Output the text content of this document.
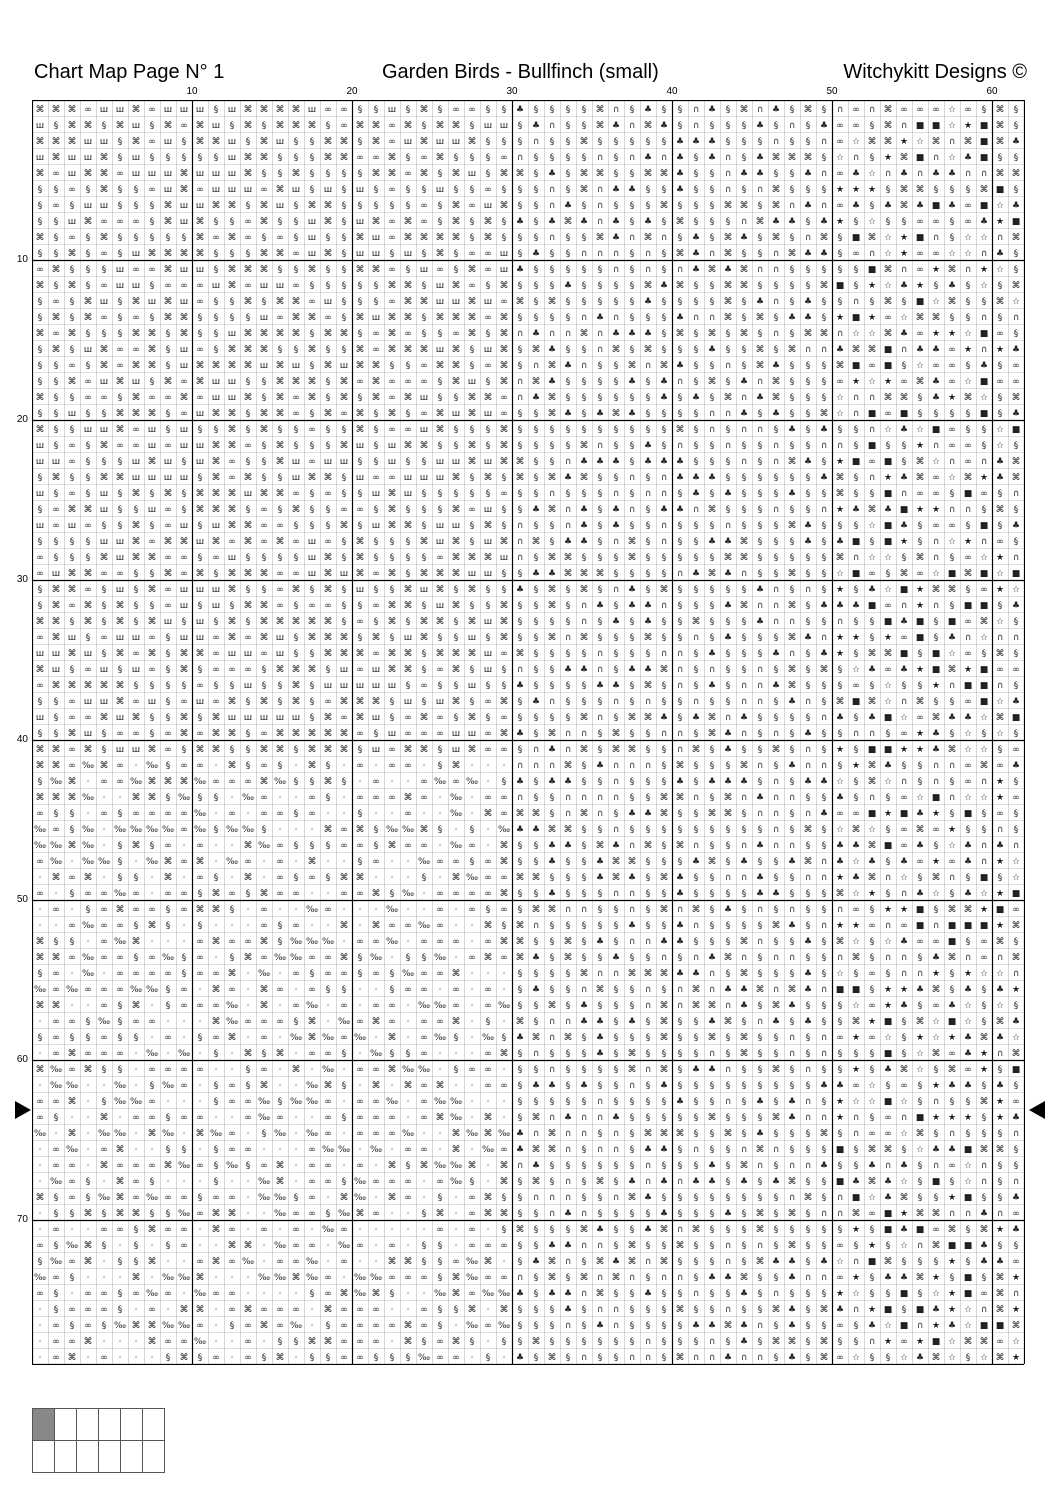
Chart Map Page N° 1	Garden Birds - Bullfinch (small)	Witchykitt Designs ©
10	20	30	40	50	60
10
20
30
40
50
60
70
⌘ ⌘ ⌘ ∞ ш ш ⌘ ∞ ш ш ш § ш ⌘ ⌘ ⌘ ⌘ ш ∞ ∞ § § ш § ⌘ § ∞ ∞ § § ♣ § § § § ⌘ ∩ § ♣ § § ∩ ♣ § ⌘ ∩ ♣ § ⌘ § ∩ ∞ ∩ ⌘ ∞ ∞ ∞ ☆ ∞ § ⌘ §
ш § ⌘ ⌘ § ⌘ ш § ⌘ ∞ ⌘ ш § ⌘ § ⌘ ⌘ ⌘ § ∞ ⌘ ⌘ ∞ ⌘ § ⌘ ⌘ § ш ш § ♣ ∩ § § ⌘ ♣ ∩ ⌘ ♣ § ∩ § § § ♣ § ∩ § ♣ ∞ ∞ § ⌘ ∩ ■ ■ ☆ ★ ■ ⌘ §
⌘ ⌘ ⌘ ш ш § ⌘ ∞ ш § ⌘ ⌘ ш § ⌘ ш § § ⌘ ⌘ § ⌘ ∞ ш ⌘ ш ш ⌘ § § § ∩ § § ⌘ § § § § § ♣ ♣ ♣ § § § ∩ § § ∩ ∞ ☆ ⌘ ⌘ ★ ☆ ⌘ ∩ ⌘ ■ ⌘ ♣
ш ⌘ ш ш ⌘ § ш § § § § § ш ⌘ ⌘ § § § ⌘ ⌘ ∞ ∞ ⌘ § ∞ ⌘ § § § ∞ ∩ § § § § ∩ § ∩ ♣ ∩ ♣ § ♣ ∩ § ♣ ⌘ ⌘ ⌘ § ☆ ∩ § ★ ⌘ ■ ∩ ☆ ♣ ■ § §
⌘ ∞ ш ⌘ ⌘ ∞ ш ш ш ⌘ ш ш ш ⌘ § § ⌘ § § § § ⌘ ⌘ ∞ ⌘ § ⌘ ш § ⌘ ⌘ § ♣ § ⌘ ⌘ § § ⌘ ⌘ ♣ § § ∩ ♣ ♣ § § ♣ ∩ ∞ ♣ ☆ ∩ ♣ ∩ ♣ ♣ ∩ ∩ ⌘ ⌘
§ § ∞ § ⌘ § § ∞ ш ⌘ ∞ ш ш ш ∞ ⌘ ш § ш § ш § ∞ § § ш § § ∞ § § § ∩ § ⌘ ∩ ♣ ♣ § § ♣ § § ∩ § ∩ ⌘ § § § ★ ★ ★ § ⌘ ⌘ § § § ⌘ ■ §
§ ∞ § ш ш § § § ⌘ ш ш ⌘ ⌘ § ⌘ ш § ⌘ ⌘ § § § § § ∞ § ⌘ ∞ ш ⌘ § § ∩ ♣ § ∩ § § § ⌘ § § § ⌘ ⌘ § ⌘ ∩ ♣ ∩ ∞ ♣ § ♣ ⌘ ♣ ■ ♣ ∞ ■ ☆ ♣
§ § ш ⌘ ∞ ∞ ∞ § ⌘ ш ⌘ § § ∞ ⌘ § § ш ⌘ § ш ⌘ ∞ ⌘ ∞ § ⌘ § ⌘ § ♣ § ♣ ⌘ ♣ ∩ ♣ § ♣ § ⌘ § § § ∩ ⌘ ♣ ♣ § ♣ ★ § ☆ § § ∞ ∞ § ∞ ♣ ★ ■
⌘ § ∞ § ⌘ § § § § § ⌘ ∞ ⌘ ∞ § ∞ § ш § § ⌘ ш ∞ ⌘ ⌘ ⌘ ⌘ § ⌘ § § § ∩ § § ⌘ ♣ ∩ ⌘ ∩ § ♣ § ⌘ ♣ § ⌘ § ∩ ⌘ § ■ ⌘ ☆ ★ ■ ∩ § ☆ ☆ ∩ ⌘
§ § ⌘ § ∞ § ш ⌘ ⌘ ⌘ ⌘ § § § ⌘ ⌘ ∞ ш ⌘ § ш ш § ш § ⌘ § ∞ ∞ ш § ♣ § § ∩ ∩ ∩ § ∩ § ⌘ ♣ ∩ ⌘ § § ∩ ⌘ ♣ ♣ § ∞ ∩ ☆ ★ ∞ ∞ ☆ ☆ ∩ ♣ §
∞ ⌘ § § § ш ∞ ∞ ⌘ ш ш § ⌘ ⌘ ⌘ § § ⌘ § § ⌘ ⌘ ∞ § ш ∞ § ⌘ ∞ ш ♣ § § § § § ∩ § ∩ § ∩ ♣ ⌘ ♣ ⌘ ∩ ∩ § § § § § ■ ⌘ ∩ ∞ ★ ⌘ ∩ ★ ☆ §
⌘ § ⌘ § ∞ ш ш § ∞ ∞ ∞ ш ⌘ ∞ ш ш ∞ § § § § § ⌘ ⌘ § ш ⌘ ∞ § ⌘ § § § ♣ § § § § ⌘ ♣ ⌘ § § ⌘ ⌘ § § § § ⌘ ■ § ★ ☆ ♣ ★ § ♣ § ☆ § ⌘
§ ∞ § ⌘ ш § ⌘ ш ⌘ ш ∞ § § ⌘ § ⌘ ⌘ ∞ ш § § § ∞ ⌘ ⌘ ш ш ⌘ ш ∞ ⌘ § ⌘ § § § § § ♣ § § § § ⌘ § ♣ ∩ § ♣ § § ∩ § ⌘ § ■ ☆ ⌘ § § ⌘ ☆
§ ⌘ § ⌘ ∞ § ∞ § ⌘ ⌘ § § § § ш ∞ ⌘ ⌘ ∞ § ⌘ ш ⌘ ⌘ § ⌘ ⌘ ⌘ ∞ ⌘ § § § § ∩ ♣ ∩ § § § ♣ ∩ ∩ ⌘ § ⌘ § ♣ ♣ § ★ ■ ★ ∞ ☆ ⌘ ⌘ § § ∩ § ∩
⌘ ∞ ⌘ § § § ⌘ ⌘ § ⌘ § § ш ⌘ ⌘ ⌘ ⌘ § ⌘ ⌘ § ∞ ⌘ ∞ § § ∞ ⌘ § ⌘ ∩ ♣ ∩ ∩ ⌘ ∩ ♣ ♣ ♣ § ⌘ § ⌘ § ⌘ § ∩ § ⌘ ⌘ ∩ ☆ ☆ ⌘ ♣ ∞ ★ ★ ☆ ■ ∞ §
§ ⌘ § ш ⌘ ∞ ∞ ⌘ § ш ∞ § ⌘ ⌘ ⌘ § § ⌘ § § ⌘ ∞ ⌘ ⌘ ⌘ ш ⌘ § ш ⌘ § ⌘ ♣ § § ∩ ⌘ § ⌘ § § § ♣ § § ⌘ § ⌘ ∩ ∩ ♣ ⌘ ⌘ ■ ∩ ♣ ♣ ∞ ★ ∩ ★ ♣
§ § ∞ § ⌘ ∞ ⌘ ⌘ § ш ⌘ ⌘ ⌘ ⌘ ш ⌘ ш § ⌘ ш ⌘ ⌘ § § ∞ ⌘ ⌘ § ∞ ⌘ § ∩ ⌘ ♣ ∩ § § ⌘ ∩ ⌘ ♣ § § ∩ § ⌘ ♣ § § § ⌘ ■ ∞ ■ § ☆ ∞ ∞ § ♣ § ∞
§ § ⌘ ∞ ш ⌘ ш § ⌘ ∞ ⌘ ш ш § § ⌘ ⌘ ⌘ § ⌘ ∞ ⌘ ∞ ∞ ∞ § ⌘ ш § ⌘ ∩ ⌘ ♣ § § § § ♣ § ♣ ∩ § ⌘ § ♣ ∩ ⌘ § § § ∞ ★ ☆ ★ ∞ ⌘ ♣ ∞ ☆ ■ ∞ ∞
⌘ § § ∞ ∞ § ⌘ ∞ ∞ ⌘ ∞ ш ш ⌘ § ⌘ ∞ ⌘ § ⌘ § ⌘ ∞ ⌘ ш § § ⌘ ⌘ ∞ ∩ ♣ ⌘ § § § § § § ♣ § ♣ § ⌘ ∩ ♣ ⌘ § § § ☆ ∩ ∩ ⌘ ⌘ § ♣ ★ ⌘ ☆ § ⌘
§ § ш § § ⌘ ⌘ ⌘ § ∞ ш ⌘ ⌘ § ⌘ ⌘ ∞ § ⌘ ∞ ⌘ § ⌘ § ∞ ⌘ ш ⌘ ш ∞ § § ⌘ ♣ § ♣ ⌘ ♣ § § § § ∩ ∩ ♣ § ♣ § § ⌘ ☆ ∩ ■ ∞ ■ § § § § ■ § ♣
⌘ § § ш ш ⌘ ∞ ш § ш § § ⌘ § ⌘ § § ∞ § § ⌘ § ∞ ∞ ш ⌘ § § § ⌘ § § § § § § § § § § ⌘ § ∩ § ∩ ∩ § ♣ § ♣ § § ∩ ☆ ♣ ☆ ■ ∞ § § ☆ ■
ш § ∞ § ⌘ ∞ ∞ ш ∞ ш ш ⌘ ⌘ ∞ § ⌘ § § § ⌘ ш § ш ⌘ ⌘ § § ⌘ § ⌘ § § § § ⌘ ∩ § § ♣ § ∩ § § ∩ § § ∩ § § ∩ ∩ § ■ § § ★ ∩ ∞ ∞ § ☆ §
ш ш ∞ § § § ш ⌘ ш § ш ⌘ ∞ § § ⌘ ш ∞ ш ш § § ш § § ш ш ⌘ ш ⌘ ⌘ § § ∩ ♣ ♣ ♣ § ♣ ♣ ♣ § § § ∩ § ∩ ⌘ ♣ § ★ ■ ∞ ■ § ⌘ ☆ ∩ ∞ ∩ ♣ ⌘
§ ⌘ § § ⌘ ⌘ ш ш ш ш § ⌘ ∞ ⌘ § § ш ⌘ ⌘ § ш ∞ ∞ ш ш ш ⌘ § ⌘ § ⌘ § ⌘ ♣ ⌘ § § ∩ § ∩ ♣ ♣ ♣ § § § § § § ♣ ⌘ § ∩ ★ ♣ ⌘ ∞ ☆ ⌘ ★ ♣ ⌘
ш § ∞ § ш § ⌘ § ⌘ § ⌘ ⌘ ⌘ ш ⌘ ⌘ ∞ § ∞ § § ш ⌘ ш § § § § § ∞ § § ∩ § § § ∩ § ∩ ∩ § ♣ § ♣ § § § ♣ § § ⌘ § § ■ ∩ ∞ ∞ § ■ ∞ § ∩
§ ∞ ⌘ ⌘ ш § § ш ∞ § ⌘ ⌘ ⌘ § ∞ § ⌘ § § ∞ ∞ § ⌘ § § § ⌘ ∞ ш § § ♣ ⌘ ∩ ♣ § ♣ ∩ § ♣ ♣ ∩ ⌘ § § § ∩ § § ∩ ★ ♣ ⌘ ♣ ■ ★ ★ ∩ ∩ § ⌘ §
ш ∞ ш ∞ § § ⌘ § ∞ ш § ш ⌘ ⌘ ∞ ∞ § § § ⌘ § ш ⌘ ⌘ § ш ш § ⌘ § ∩ § § ∩ ♣ § ♣ § § ∩ § § § ∩ § § § ⌘ ♣ § § § ☆ ■ ♣ § ∞ ∞ § ■ § ♣
§ § § § ш ш ⌘ ∞ ⌘ ⌘ ш ⌘ ∞ ⌘ ∞ ⌘ ∞ ш ∞ § ⌘ § § § ⌘ ш ⌘ § ш ⌘ ∩ ⌘ § ♣ ♣ § ∩ ⌘ § ∩ § § ♣ ♣ ⌘ § § § ♣ § ♣ ■ § ■ ★ § ∩ ☆ ★ ∩ ∞ §
∞ § § § ⌘ ш ⌘ ⌘ ∞ ∞ § ∞ ш § § § § ш ⌘ § ⌘ § § § § ∞ ⌘ ⌘ ⌘ ш ∩ § ⌘ ⌘ § § § ⌘ § § § § § ⌘ ⌘ § § § § § ⌘ ∩ ☆ ☆ § ⌘ ∩ § ∞ ☆ ★ ∩
∞ ш ⌘ ⌘ ∞ ∞ § § ⌘ ∞ ⌘ § ⌘ ⌘ ⌘ ∞ ∞ ш ⌘ ш ⌘ ∞ ⌘ § ⌘ ⌘ ⌘ ш ш § § ♣ ♣ ⌘ ⌘ ⌘ § § § § ∩ ♣ ⌘ ♣ ∩ § § ⌘ § § ☆ ■ ∞ § ⌘ ∞ ☆ ■ ⌘ ■ ☆ ■
§ ⌘ ⌘ ∞ § ш § ⌘ ∞ ш ш ш ⌘ § § ∞ ⌘ § ⌘ § ш § § ⌘ ш ⌘ § ⌘ § § ♣ § ⌘ § ⌘ § ∩ ♣ § ⌘ § § § § § ♣ ∩ § ∩ § ★ § ♣ ☆ ■ ★ ⌘ ⌘ § ∞ ★ ☆
§ ⌘ ∞ ⌘ § ⌘ § § ∞ ш § ш § ⌘ ⌘ ∞ § ∞ ∞ § § ∞ ⌘ ⌘ § ш ⌘ § § ⌘ § § ⌘ § ∩ ♣ § ♣ ♣ ∩ § § § ♣ ⌘ ∩ ∩ ⌘ § ♣ ♣ ♣ ■ ∞ ∩ ★ ∩ § ■ ■ § ♣
⌘ ⌘ § ⌘ § ⌘ § ⌘ ш § ш § ⌘ § ⌘ ⌘ ⌘ ⌘ ⌘ § ∞ § ⌘ § ⌘ ⌘ § ⌘ ш ⌘ § § § § ∩ § ♣ § ♣ § § ⌘ § § § ♣ ∩ ∩ § § ∩ § § ■ ♣ ■ § ■ ∞ ⌘ ☆ §
∞ ⌘ ш § ∞ ш ш ∞ § ш ш ∞ ⌘ ∞ ⌘ ш § ⌘ ⌘ ⌘ § ⌘ § ш ⌘ § § ш § ⌘ § § ⌘ ∩ ⌘ § § § ⌘ § § ∩ § ♣ § § § ⌘ ♣ ∩ ★ ★ § ★ ∞ ■ § ♣ ∩ ☆ ∩ ∩
ш ш ⌘ ш § ⌘ ∞ ⌘ § ⌘ ⌘ ∞ ш ш ∞ ш § § ⌘ ⌘ ⌘ ∞ ⌘ ⌘ § ⌘ ⌘ ⌘ ш ∞ ⌘ § § § § ∩ § § § ∩ ∩ § ♣ § § § ♣ ∩ § ♣ ★ § ⌘ ⌘ ■ § ■ ☆ ∞ § ⌘ §
⌘ ш § ∞ ш § ш ∞ § ⌘ § ∞ ∞ ∞ § ⌘ ⌘ ⌘ § ш ∞ ш ⌘ ⌘ § ∞ ⌘ § ш § ∩ § § ♣ ♣ ∩ § ♣ ♣ ⌘ ∩ § ∩ § § ∩ § ⌘ § ⌘ § ☆ ♣ ∞ ♣ ★ ■ ⌘ ★ ■ ∞ ∞
∞ ⌘ ⌘ ⌘ ⌘ ⌘ § § § § ∞ § § ш § § ⌘ § ш ш ш ш ш § ∞ § § ш § § ♣ § § § § ♣ ♣ § ⌘ § ∩ § ♣ § ∩ ∩ ♣ ⌘ § § § ∞ § ☆ § § ★ ∩ ■ ■ ∩ §
§ § ∞ ш ш ⌘ ∞ ш § ∞ ш ∞ ⌘ § ⌘ § ⌘ § ∞ ⌘ ⌘ ⌘ § ш § ш ⌘ § ∞ ⌘ § ♣ ∩ § § § ∩ § ∩ § § ∩ § § ∩ ∩ § ♣ ∩ § ⌘ ■ ⌘ ☆ ∩ ⌘ § § ∞ ■ ☆ ♣
ш § ∞ ∞ ⌘ ш ⌘ § § ⌘ § ⌘ ш ш ш ш ш § ⌘ ∞ ⌘ ш § ∞ ⌘ ∞ § ⌘ § ∞ § § § § ⌘ ∩ § ⌘ ⌘ ♣ § ♣ ⌘ ∩ ♣ § § § § ∩ ♣ § ♣ ■ ☆ ∞ ⌘ ♣ ♣ ☆ ⌘ ■
§ § ⌘ ш § ∞ ∞ § ∞ ⌘ ∞ ⌘ ⌘ § ∞ ⌘ ⌘ ⌘ ⌘ ⌘ ∞ § ш ∞ ∞ ∞ ш ш ∞ ⌘ ♣ § ⌘ ∩ ∩ § ⌘ § § ∩ ∩ § ⌘ ♣ ∩ § ∩ § ♣ § § ∩ ∩ § ∞ ★ ♣ § ☆ § ☆ §
⌘ ⌘ ∞ ⌘ § ш ш ⌘ ∞ § ⌘ ⌘ § § ⌘ ⌘ § ⌘ ⌘ ⌘ § ш ∞ ⌘ ⌘ § ш ⌘ ∞ ∞ § ∩ ♣ ∩ ⌘ § ⌘ ⌘ § § ∩ ⌘ § ♣ § § ⌘ § ∩ § ★ § ■ ■ ★ ★ ♣ ⌘ ☆ ☆ § ∞
⌘ ⌘ ∞ ‰ ⌘ ∞ · ‰ § ∞ ∞ · ⌘ § ∞ § · ⌘ § · ∞ · ∞ ∞ · § ⌘ · · · ∩ ∩ ∩ ⌘ § ♣ ∩ ∩ ∩ § ⌘ § § § ⌘ ∩ § ♣ ∩ ∩ § ★ ⌘ ♣ § § ∩ ∩ ∞ ⌘ ∞ ♣
§ ‰ ⌘ · ∞ ∞ ‰ ⌘ ⌘ ⌘ ‰ ∞ ∞ ∞ ⌘ ‰ § § ⌘ § · ∞ · · ∞ ‰ ∞ ‰ · § ♣ § ♣ ♣ § § ∩ § § § ♣ § ♣ ♣ ♣ § ∩ § ♣ ♣ ☆ § ⌘ ☆ ∩ § ∩ § ∞ ∩ ★ §
⌘ ⌘ ⌘ ‰ · · ⌘ ⌘ § ‰ § § · ‰ ∞ · · ∞ § · ∞ ∞ ∞ ⌘ ∞ · ‰ · ∞ ∞ ∩ § § ∩ ∩ ∩ ∩ § § ⌘ ⌘ ∩ § ⌘ ∩ ♣ ∩ ∩ § § ♣ § ∩ § ∞ ☆ ■ ∩ ☆ ☆ ★ ∞
∞ § § · ∞ § ∞ ∞ ∞ ∞ ‰ · ∞ · ∞ ∞ § ∞ · · § · · ∞ · · ‰ · ⌘ ∞ ⌘ ⌘ § ∩ ⌘ ∩ § ♣ ♣ ⌘ § § ⌘ ⌘ § ∩ ∩ § ∩ ♣ ∞ ∞ ■ ★ ■ ♣ ★ § ■ § ∞ §
‰ ∞ § ‰ · ‰ ‰ ‰ ‰ ∞ ‰ § ‰ ‰ § · · · ⌘ ∞ ⌘ § ‰ ‰ ⌘ § · § · ‰ ♣ ♣ ⌘ ⌘ § § ∩ § § § § § § § § § ∩ § ⌘ § ☆ ⌘ ☆ § ∞ ⌘ ∞ ★ § § ∩ §
‰ ‰ ⌘ ‰ · § ⌘ § ∞ · ∞ · · ⌘ ‰ ∞ § § § ∞ ∞ § ⌘ ∞ ∞ · ‰ ∞ · ⌘ § § ♣ ♣ § ⌘ ♣ ∩ ⌘ § ⌘ ∩ § § ∩ ♣ ∩ ∩ § § ♣ ♣ ⌘ ■ ∞ ♣ § ☆ ♣ ∩ ♣ ∩
∞ ‰ · ‰ ‰ § · ‰ ⌘ ∞ ⌘ · ‰ ∞ · ∞ · ⌘ · · § ∞ · · ‰ ∞ ∞ § ∞ ⌘ § § ♣ § § ♣ ⌘ ⌘ § § § ♣ ⌘ § ♣ § § ♣ ⌘ ∩ ♣ ☆ ♣ § ♣ ∞ ★ ∞ ♣ ∩ ★ ☆
· ⌘ ∞ ⌘ · § § · ⌘ · ∞ § · ⌘ · ∞ § ∞ § ⌘ ⌘ · · · § · ⌘ ‰ ∞ ∞ ⌘ ⌘ § § § ♣ ⌘ ♣ § ⌘ ♣ § § ∩ ∩ ♣ § § ∩ ∩ ★ ♣ ⌘ ∩ ☆ § ⌘ ∩ § ■ § ☆
∞ · § ∞ ∞ ‰ ∞ · ∞ ∞ § ⌘ ∞ § ⌘ ∞ ∞ · · ∞ ∞ ⌘ § ‰ · ∞ ∞ ∞ ∞ ⌘ § § ♣ § § § ∩ ∩ § § ♣ § § § § ♣ ♣ § § § ⌘ ☆ ★ § ∩ ♣ ☆ § ♣ ☆ ★ ■
· ∞ · § ∞ ⌘ ∞ ∞ § ∞ ⌘ ⌘ § · ∞ · · ‰ ∞ · · · ‰ · · ∞ · ∞ § ∞ § ⌘ ⌘ ∩ ∩ § § ∩ § ⌘ ∩ ⌘ § ♣ § ∩ § ∩ § § ∩ ∞ § ★ ★ ■ § ⌘ ⌘ ★ ■ ∞
· · ∞ ‰ ∞ ∞ § ⌘ § · § · · · ∞ § ∞ · · ⌘ · ⌘ ∞ ∞ ‰ ∞ · · ⌘ § ⌘ ∩ § § § § § ♣ § § ♣ ∩ § § § § ⌘ ♣ § ∩ ★ ★ ∞ ∩ ∞ ■ ∩ ■ ■ ■ ★ ⌘
⌘ § § · ∞ ‰ ⌘ · · · ∞ ⌘ ∞ ∞ ⌘ § ‰ ‰ ‰ · ∞ ∞ ‰ · ∞ ∞ ∞ · ∞ ⌘ ⌘ § § ⌘ § ♣ § ∩ ∩ ♣ ♣ § § § ⌘ ∩ § § ♣ § ⌘ ☆ § ☆ ♣ ∞ ∞ ■ § ∞ ⌘ §
⌘ ⌘ ∞ ‰ ∞ ∞ § ∞ ‰ § ∞ · § ⌘ ∞ ‰ ‰ ∞ ∞ ⌘ § ‰ · § § ‰ · ∞ ⌘ ∞ ⌘ ♣ § ⌘ § § ♣ § § ∩ § ∩ ♣ ⌘ ∩ § ∩ ∩ § § ∩ ⌘ § ∩ ∩ § ♣ ⌘ ∩ ∞ ∩ ⌘
§ ∞ · ‰ · ∞ ∞ ∞ ∞ § ∞ ∞ ⌘ · ‰ · ∞ § ∞ ∞ § ∞ § ‰ ∞ ∞ ⌘ · · · § § § § ⌘ ∩ ∩ ⌘ ⌘ ⌘ ♣ ♣ ∩ § ⌘ § § § ♣ § ☆ § ∞ § ∩ ∩ ★ § ★ ☆ ☆ ∩
‰ ∞ ‰ ∞ ∞ ∞ ‰ ‰ § ∞ · ⌘ ∞ · ⌘ ∞ · ∞ § § · · § ∞ ∞ · ∞ · ∞ · § ♣ § § ∩ ⌘ § § ∩ § ∩ ⌘ ∩ ♣ ♣ ⌘ ∩ ⌘ ♣ ∩ ■ ■ § ★ ★ ♣ ⌘ § ♣ § ♣ ★
⌘ ⌘ · · ∞ § ⌘ · § ∞ ∞ ∞ ‰ · ⌘ · ∞ ‰ · ∞ · ∞ ∞ · ‰ ‰ ∞ · ∞ ‰ § § ⌘ § ♣ § § § ∩ ⌘ ∩ ⌘ ⌘ ∩ ♣ § ⌘ ♣ § § § ☆ ∞ ★ ♣ § ∞ ♣ ☆ § ☆ §
· ∞ ∞ § ‰ § ∞ ∞ · · · ⌘ ‰ ∞ ∞ ∞ § ⌘ · ‰ ∞ ⌘ ∞ · ∞ ∞ ⌘ · § · ⌘ § ∩ ∩ ♣ ♣ § ♣ § ⌘ § § ♣ ⌘ § ∩ ♣ § ♣ § § ⌘ ★ ■ § ⌘ ☆ ■ ☆ § ⌘ ♣
§ ∞ § § ∞ § § · ∞ · § ∞ ⌘ · ∞ · ‰ ⌘ ‰ ∞ ‰ · ⌘ · ∞ ‰ § · ‰ § ♣ ⌘ ∩ ⌘ § ♣ § § § ⌘ § § ⌘ § ⌘ § § ∩ § ∩ ∞ ★ ∞ ☆ § ★ ☆ ★ ♣ ⌘ ♣ ☆
· ∞ ⌘ ∞ ∞ ∞ · ‰ · ‰ · § · ⌘ § ⌘ · ∞ ∞ § · ‰ § § ∞ · · · ∞ ⌘ § ∩ § § § ♣ § ⌘ § § § § ∩ § ⌘ § § ∩ § ∩ § § § ■ § ☆ ⌘ ∞ ♣ ★ ∩ ⌘
⌘ ‰ ∞ ⌘ § § · ∞ ∞ ∞ ∞ · · § ∞ · ⌘ · ‰ · ∞ ∞ ⌘ ‰ ‰ · § ∞ ∞ · § § ∩ § § § § ⌘ ∩ ⌘ § ♣ ♣ ∩ § § ⌘ § ∩ § § ★ § ♣ ⌘ ☆ § ⌘ ∞ ★ § ■
· ‰ ‰ · · ‰ · § ‰ ∞ · § ∞ § ⌘ · · ‰ ⌘ § · ⌘ · ⌘ ∞ ⌘ · · ∞ ∞ § ♣ ♣ § ♣ § § ∩ § ♣ § § § § § § § § § ♣ ♣ ∞ ☆ § ∞ § ★ ♣ ♣ § ♣ §
∞ ∞ ⌘ · § ‰ ‰ ∞ · · · § ∞ ∞ ‰ § ‰ ‰ ∞ · ∞ ∞ ‰ · ∞ ‰ ‰ · · · § § § § § ∩ § § § § ♣ § § ∩ § ♣ § ♣ ∩ § ★ ☆ ☆ ■ ☆ § ∩ § § ⌘ ★ ∞
∞ § · · ⌘ · ∞ ∞ § ∞ ∞ · · ∞ ‰ ∞ · · ∞ § ∞ ∞ ∞ · ∞ ⌘ ‰ · ⌘ · § ⌘ ∩ ♣ ∩ ∩ ♣ § § § § § ⌘ § § § ⌘ ♣ ∩ ∩ ★ ∩ § ∞ ∩ ■ ★ ★ ★ § ★ ♣
‰ · ⌘ · ‰ ‰ · ⌘ ‰ · ⌘ ‰ ∞ · § ‰ · ‰ ∞ · ∞ ∞ ∞ ‰ · · ⌘ ‰ ⌘ ‰ ♣ ∩ ⌘ ∩ ∩ § ∩ § ⌘ ⌘ ⌘ § § ⌘ § ♣ § § § ⌘ § ∩ ∞ ∞ ☆ ⌘ § ∩ § § § ∩
· ∞ ‰ · ∞ ⌘ · · § § · § ∞ ∞ · · · ∞ ‰ ‰ · ‰ · ∞ ∞ · ⌘ · ‰ ∞ ♣ ⌘ ⌘ ∩ § ∩ ∩ § ♣ ♣ § ∩ § § ∩ ⌘ ∩ § § § ■ § ⌘ ⌘ § ☆ ♣ ♣ ■ ⌘ ⌘ §
· ∞ ∞ · ⌘ ∞ ∞ ∞ ⌘ ‰ ∞ § ‰ § ∞ ⌘ · ∞ ∞ · ∞ · ⌘ § ⌘ ‰ ‰ ⌘ · ⌘ ∩ ♣ § § § § § § ∩ § § § ♣ § ⌘ ∩ § ∩ ∩ ♣ § § ♣ ∩ ♣ § ∩ ∞ ☆ ∩ § §
· ‰ ∞ § · ⌘ ∞ § · · · § · · ‰ ⌘ · ∞ ∞ § ‰ ∞ ∞ ∞ · ∞ ‰ § · ⌘ § ⌘ § ∩ § ⌘ § ♣ ∩ ♣ ∩ ♣ ♣ § ♣ § ♣ ⌘ § § ■ ♣ ⌘ ♣ ☆ § ■ § ☆ ∩ § ∩
⌘ § ∞ § ‰ ⌘ ∞ ‰ ∞ ∞ § ∞ ∞ · ‰ ‰ § ∞ · ⌘ ‰ · ⌘ ∞ · § · ∞ ⌘ § § ∩ ∩ ∩ § § ∩ ⌘ ♣ § § § § § § § § ∩ ⌘ § ∩ ■ ☆ ♣ ⌘ § § ★ ■ § § ♣
· § § ⌘ § ⌘ ⌘ § § ‰ ∞ ⌘ ⌘ · · ‰ ∞ ∞ § ‰ ⌘ ∞ · · § ⌘ · ∞ ⌘ ⌘ § § ∩ ♣ ∩ § § § § ♣ § § § ♣ § ⌘ § ⌘ § ∩ ∩ ⌘ ∞ ■ ★ ⌘ ⌘ ∩ ∩ ♣ ∩ ∞
· ∞ · · ∞ ∞ § ⌘ ∞ ∞ · ⌘ ∞ · ∞ · ∞ · ‰ ∞ · · · · · ∞ · ∞ · § ⌘ § § § ⌘ ♣ § § ♣ ⌘ ∩ ⌘ § § § ⌘ § § § § § ★ § ■ ♣ ■ ∞ ⌘ § ⌘ ★ ♣
∞ § ‰ ⌘ § · § · § ∞ · · ⌘ ⌘ · ‰ ∞ ∞ · ‰ ∞ · ∞ · § § · ∞ ∞ ∞ § § ♣ ♣ ∩ ∩ § ⌘ § § ⌘ § § ∩ § ∩ § ⌘ § § ∞ § ★ § ☆ ∩ ⌘ ■ ■ ♣ § §
§ ‰ ∞ ⌘ · § § ⌘ · · ∞ ⌘ ∞ ‰ · ∞ ∞ ‰ · ∞ · · ⌘ ⌘ § § ∞ ‰ ⌘ · § ♣ ⌘ ∩ § ⌘ ♣ ⌘ ∩ ⌘ § § § ∩ § ⌘ ♣ ♣ § ♣ ☆ ∩ ■ ⌘ § § § ★ § ♣ ♣ ∞
‰ ∞ § · · · ⌘ · ‰ ‰ ⌘ · · · ‰ ‰ ⌘ ‰ ∞ · ‰ ‰ ∞ ∞ ∞ § ⌘ ‰ ∞ ∞ ∩ § ⌘ § ⌘ ∩ ⌘ ∩ § ∩ ∩ § ♣ ♣ ⌘ § § ♣ ∩ ∩ ∞ ★ § ♣ ♣ ⌘ ★ § ■ § ⌘ ★
∞ § · ∞ ∞ § ∞ ‰ ∞ · ‰ ∞ ∞ · · · · § ∞ ⌘ ‰ ⌘ § · · ‰ ⌘ ∞ ‰ ‰ ♣ § ♣ ♣ ∩ ⌘ § § ♣ § § ∩ § § ♣ § ∩ § § § ★ ☆ § § ■ § ☆ ★ ■ ∞ ⌘ ∩
· § ∞ ∞ ∞ § · ∞ · ⌘ ⌘ · ∞ ⌘ ∞ ∞ ∞ · ⌘ ∞ ∞ ∞ · · ∞ § § ⌘ · ⌘ § § § ♣ § ∩ ∩ § § § ⌘ § § ∩ § § ⌘ ♣ § ⌘ ♣ ∩ ★ ■ § ■ ♣ ★ ☆ ∩ ⌘ ★
· ∞ § ∞ § ‰ ⌘ ⌘ ‰ ‰ ∞ · § ∞ ⌘ ∞ ‰ · § ∞ ∞ ∞ ∞ ⌘ ∞ § · ‰ ∞ ‰ § § § ∩ § ♣ ∩ § § § § ♣ ♣ ⌘ ♣ ∩ § ♣ § § ∞ § ♣ ☆ ■ ∩ ★ ♣ ☆ ■ ■ ⌘
· ∞ ∞ ⌘ · · · ⌘ ∞ ∞ ‰ · · ∞ · § § ⌘ ⌘ ∞ ∞ ∞ · ⌘ § ∞ ⌘ § · § § ⌘ § § § § § § ∩ § § § ∩ § ♣ § ⌘ ⌘ § ⌘ § § ∩ ★ ∞ ★ ■ ☆ ⌘ ⌘ ∞ ☆
· ∞ ⌘ · ∞ · · · § ⌘ § ∞ · ∞ § ⌘ · § § ∞ ∞ § § § ‰ ∞ ∞ · § · ♣ § ⌘ § ∩ § § ∩ ∩ § ⌘ ∩ ∩ ♣ ∩ ∩ § ♣ § ⌘ ∞ ☆ § § ☆ ♣ ⌘ ☆ § ☆ ⌘ ★
